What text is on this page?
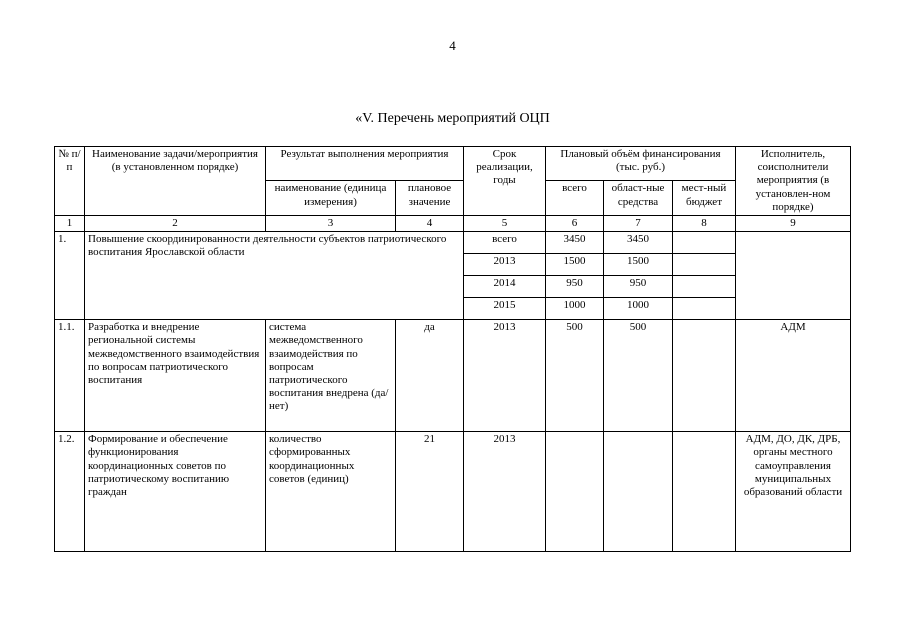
4
«V. Перечень мероприятий ОЦП
№ п/п	Наименование задачи/мероприятия (в установленном порядке)	Результат выполнения мероприятия		Срок реализации, годы	Плановый объём финансирования (тыс. руб.)			Исполнитель, соисполнители мероприятия (в установлен-ном порядке)
		наименование (единица измерения)	плановое значение		всего	област-ные средства	мест-ный бюджет	
1	2	3	4	5	6	7	8	9
1.	Повышение скоординированности деятельности субъектов патриотического воспитания Ярославской области			всего	3450	3450		
				2013	1500	1500		
				2014	950	950		
				2015	1000	1000		
1.1.	Разработка и внедрение региональной системы межведомственного взаимодействия по вопросам патриотического воспитания	система межведомственного взаимодействия по вопросам патриотического воспитания внедрена (да/нет)	да	2013	500	500		АДМ
1.2.	Формирование и обеспечение функционирования координационных советов по патриотическому воспитанию граждан	количество сформированных координационных советов (единиц)	21	2013				АДМ, ДО, ДК, ДРБ, органы местного самоуправления муниципальных образований области
